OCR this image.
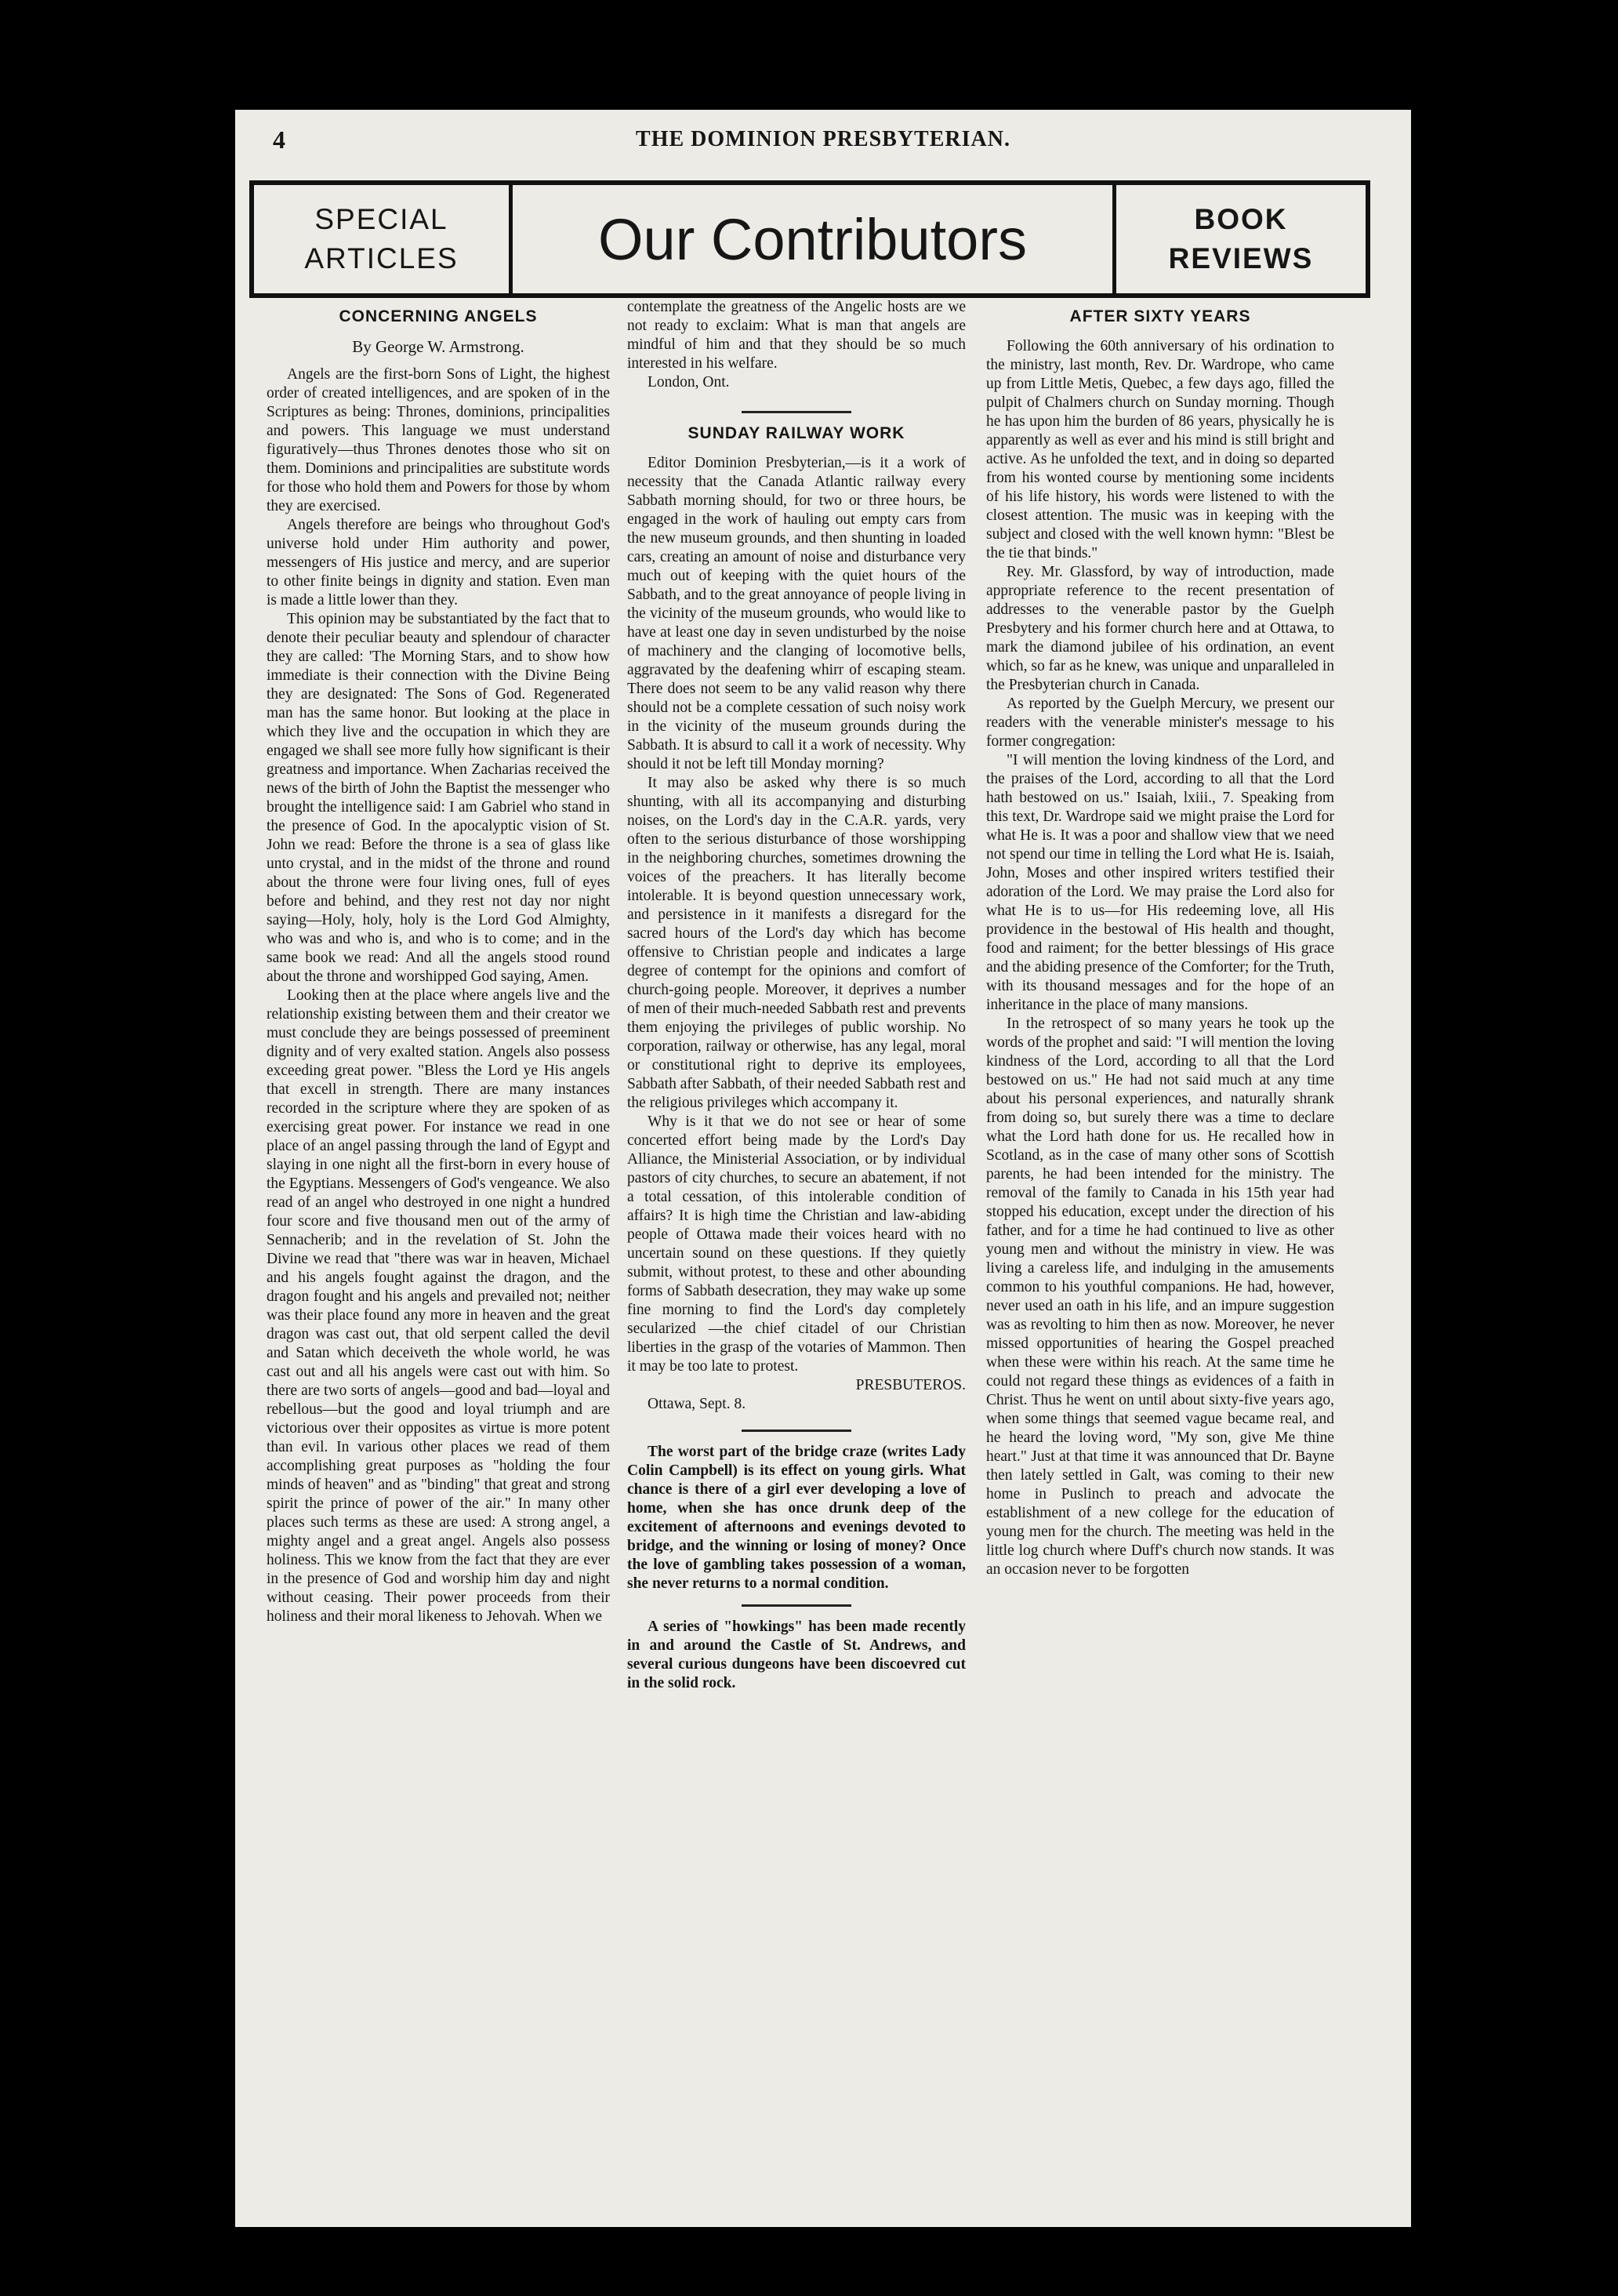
4	THE DOMINION PRESBYTERIAN.
SPECIAL
ARTICLES	Our Contributors	BOOK
REVIEWS
CONCERNING ANGELS

By George W. Armstrong.

Angels are the first-born Sons of Light, the highest order of created intelligences, and are spoken of in the Scriptures as being: Thrones, dominions, principalities and powers. This language we must understand figuratively—thus Thrones denotes those who sit on them. Dominions and principalities are substitute words for those who hold them and Powers for those by whom they are exercised.

Angels therefore are beings who throughout God's universe hold under Him authority and power, messengers of His justice and mercy, and are superior to other finite beings in dignity and station. Even man is made a little lower than they.

This opinion may be substantiated by the fact that to denote their peculiar beauty and splendour of character they are called: 'The Morning Stars, and to show how immediate is their connection with the Divine Being they are designated: The Sons of God. Regenerated man has the same honor. But looking at the place in which they live and the occupation in which they are engaged we shall see more fully how significant is their greatness and importance. When Zacharias received the news of the birth of John the Baptist the messenger who brought the intelligence said: I am Gabriel who stand in the presence of God. In the apocalyptic vision of St. John we read: Before the throne is a sea of glass like unto crystal, and in the midst of the throne and round about the throne were four living ones, full of eyes before and behind, and they rest not day nor night saying—Holy, holy, holy is the Lord God Almighty, who was and who is, and who is to come; and in the same book we read: And all the angels stood round about the throne and worshipped God saying, Amen.

Looking then at the place where angels live and the relationship existing between them and their creator we must conclude they are beings possessed of preeminent dignity and of very exalted station. Angels also possess exceeding great power. "Bless the Lord ye His angels that excell in strength. There are many instances recorded in the scripture where they are spoken of as exercising great power. For instance we read in one place of an angel passing through the land of Egypt and slaying in one night all the first-born in every house of the Egyptians. Messengers of God's vengeance. We also read of an angel who destroyed in one night a hundred four score and five thousand men out of the army of Sennacherib; and in the revelation of St. John the Divine we read that "there was war in heaven, Michael and his angels fought against the dragon, and the dragon fought and his angels and prevailed not; neither was their place found any more in heaven and the great dragon was cast out, that old serpent called the devil and Satan which deceiveth the whole world, he was cast out and all his angels were cast out with him. So there are two sorts of angels—good and bad—loyal and rebellous—but the good and loyal triumph and are victorious over their opposites as virtue is more potent than evil. In various other places we read of them accomplishing great purposes as "holding the four minds of heaven" and as "binding" that great and strong spirit the prince of power of the air." In many other places such terms as these are used: A strong angel, a mighty angel and a great angel. Angels also possess holiness. This we know from the fact that they are ever in the presence of God and worship him day and night without ceasing. Their power proceeds from their holiness and their moral likeness to Jehovah. When we

contemplate the greatness of the Angelic hosts are we not ready to exclaim: What is man that angels are mindful of him and that they should be so much interested in his welfare.

London, Ont.

SUNDAY RAILWAY WORK

Editor Dominion Presbyterian,—is it a work of necessity that the Canada Atlantic railway every Sabbath morning should, for two or three hours, be engaged in the work of hauling out empty cars from the new museum grounds, and then shunting in loaded cars, creating an amount of noise and disturbance very much out of keeping with the quiet hours of the Sabbath, and to the great annoyance of people living in the vicinity of the museum grounds, who would like to have at least one day in seven undisturbed by the noise of machinery and the clanging of locomotive bells, aggravated by the deafening whirr of escaping steam. There does not seem to be any valid reason why there should not be a complete cessation of such noisy work in the vicinity of the museum grounds during the Sabbath. It is absurd to call it a work of necessity. Why should it not be left till Monday morning?

It may also be asked why there is so much shunting, with all its accompanying and disturbing noises, on the Lord's day in the C.A.R. yards, very often to the serious disturbance of those worshipping in the neighboring churches, sometimes drowning the voices of the preachers. It has literally become intolerable. It is beyond question unnecessary work, and persistence in it manifests a disregard for the sacred hours of the Lord's day which has become offensive to Christian people and indicates a large degree of contempt for the opinions and comfort of church-going people. Moreover, it deprives a number of men of their much-needed Sabbath rest and prevents them enjoying the privileges of public worship. No corporation, railway or otherwise, has any legal, moral or constitutional right to deprive its employees, Sabbath after Sabbath, of their needed Sabbath rest and the religious privileges which accompany it.

Why is it that we do not see or hear of some concerted effort being made by the Lord's Day Alliance, the Ministerial Association, or by individual pastors of city churches, to secure an abatement, if not a total cessation, of this intolerable condition of affairs? It is high time the Christian and law-abiding people of Ottawa made their voices heard with no uncertain sound on these questions. If they quietly submit, without protest, to these and other abounding forms of Sabbath desecration, they may wake up some fine morning to find the Lord's day completely secularized —the chief citadel of our Christian liberties in the grasp of the votaries of Mammon. Then it may be too late to protest.

PRESBUTEROS.

Ottawa, Sept. 8.

The worst part of the bridge craze (writes Lady Colin Campbell) is its effect on young girls. What chance is there of a girl ever developing a love of home, when she has once drunk deep of the excitement of afternoons and evenings devoted to bridge, and the winning or losing of money? Once the love of gambling takes possession of a woman, she never returns to a normal condition.

A series of "howkings" has been made recently in and around the Castle of St. Andrews, and several curious dungeons have been discoevred cut in the solid rock.

AFTER SIXTY YEARS

Following the 60th anniversary of his ordination to the ministry, last month, Rev. Dr. Wardrope, who came up from Little Metis, Quebec, a few days ago, filled the pulpit of Chalmers church on Sunday morning. Though he has upon him the burden of 86 years, physically he is apparently as well as ever and his mind is still bright and active. As he unfolded the text, and in doing so departed from his wonted course by mentioning some incidents of his life history, his words were listened to with the closest attention. The music was in keeping with the subject and closed with the well known hymn: "Blest be the tie that binds."

Rey. Mr. Glassford, by way of introduction, made appropriate reference to the recent presentation of addresses to the venerable pastor by the Guelph Presbytery and his former church here and at Ottawa, to mark the diamond jubilee of his ordination, an event which, so far as he knew, was unique and unparalleled in the Presbyterian church in Canada.

As reported by the Guelph Mercury, we present our readers with the venerable minister's message to his former congregation:

"I will mention the loving kindness of the Lord, and the praises of the Lord, according to all that the Lord hath bestowed on us." Isaiah, lxiii., 7. Speaking from this text, Dr. Wardrope said we might praise the Lord for what He is. It was a poor and shallow view that we need not spend our time in telling the Lord what He is. Isaiah, John, Moses and other inspired writers testified their adoration of the Lord. We may praise the Lord also for what He is to us—for His redeeming love, all His providence in the bestowal of His health and thought, food and raiment; for the better blessings of His grace and the abiding presence of the Comforter; for the Truth, with its thousand messages and for the hope of an inheritance in the place of many mansions.

In the retrospect of so many years he took up the words of the prophet and said: "I will mention the loving kindness of the Lord, according to all that the Lord bestowed on us." He had not said much at any time about his personal experiences, and naturally shrank from doing so, but surely there was a time to declare what the Lord hath done for us. He recalled how in Scotland, as in the case of many other sons of Scottish parents, he had been intended for the ministry. The removal of the family to Canada in his 15th year had stopped his education, except under the direction of his father, and for a time he had continued to live as other young men and without the ministry in view. He was living a careless life, and indulging in the amusements common to his youthful companions. He had, however, never used an oath in his life, and an impure suggestion was as revolting to him then as now. Moreover, he never missed opportunities of hearing the Gospel preached when these were within his reach. At the same time he could not regard these things as evidences of a faith in Christ. Thus he went on until about sixty-five years ago, when some things that seemed vague became real, and he heard the loving word, "My son, give Me thine heart." Just at that time it was announced that Dr. Bayne then lately settled in Galt, was coming to their new home in Puslinch to preach and advocate the establishment of a new college for the education of young men for the church. The meeting was held in the little log church where Duff's church now stands. It was an occasion never to be forgotten
